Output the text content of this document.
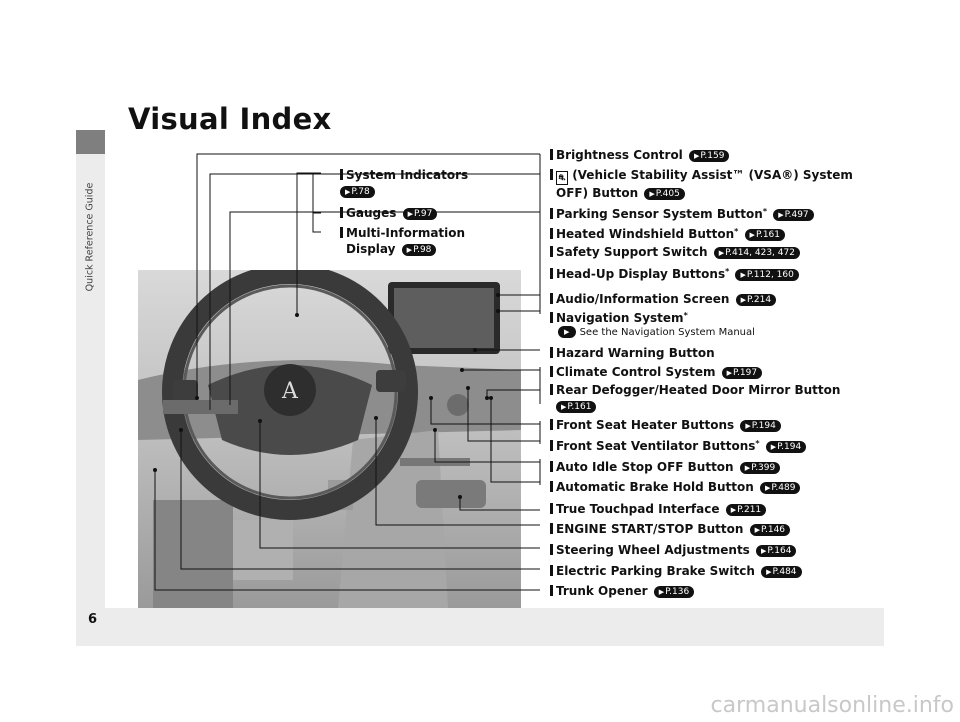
Quick Reference Guide
6
Visual Index
A
System Indicators
▶P.78
Gauges ▶P.97
Multi-Information
Display ▶P.98
Brightness Control ▶P.159
⛐ (Vehicle Stability Assist™ (VSA®) System
OFF) Button ▶P.405
Parking Sensor System Button* ▶P.497
Heated Windshield Button* ▶P.161
Safety Support Switch ▶P.414, 423, 472
Head-Up Display Buttons* ▶P.112, 160
Audio/Information Screen ▶P.214
Navigation System*
▶ See the Navigation System Manual
Hazard Warning Button
Climate Control System ▶P.197
Rear Defogger/Heated Door Mirror Button
▶P.161
Front Seat Heater Buttons ▶P.194
Front Seat Ventilator Buttons* ▶P.194
Auto Idle Stop OFF Button ▶P.399
Automatic Brake Hold Button ▶P.489
True Touchpad Interface ▶P.211
ENGINE START/STOP Button ▶P.146
Steering Wheel Adjustments ▶P.164
Electric Parking Brake Switch ▶P.484
Trunk Opener ▶P.136
carmanualsonline.info
